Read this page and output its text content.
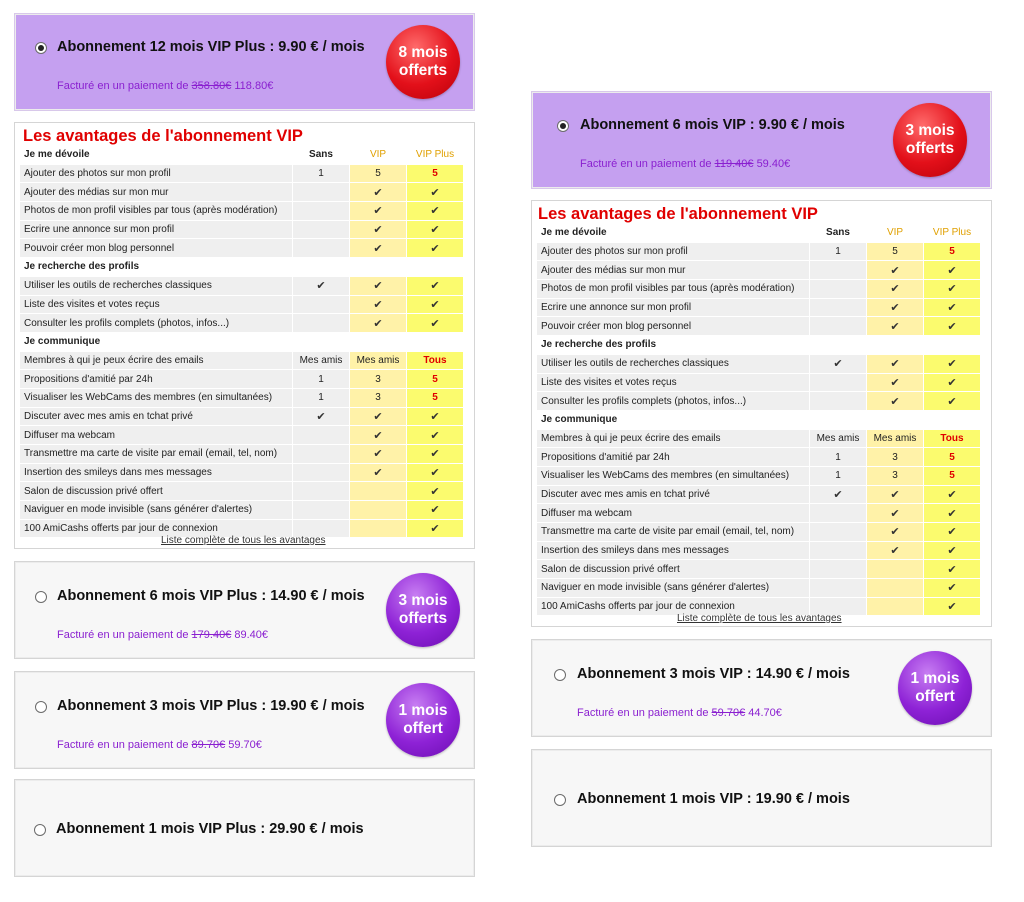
Abonnement 12 mois VIP Plus : 9.90 € / mois
Facturé en un paiement de 358.80€ 118.80€
8 mois
offerts
Les avantages de l'abonnement VIP
Je me dévoile	Sans	VIP	VIP Plus
Ajouter des photos sur mon profil	1	5	5
Ajouter des médias sur mon mur		✔	✔
Photos de mon profil visibles par tous (après modération)		✔	✔
Ecrire une annonce sur mon profil		✔	✔
Pouvoir créer mon blog personnel		✔	✔
Je recherche des profils			
Utiliser les outils de recherches classiques	✔	✔	✔
Liste des visites et votes reçus		✔	✔
Consulter les profils complets (photos, infos...)		✔	✔
Je communique			
Membres à qui je peux écrire des emails	Mes amis	Mes amis	Tous
Propositions d'amitié par 24h	1	3	5
Visualiser les WebCams des membres (en simultanées)	1	3	5
Discuter avec mes amis en tchat privé	✔	✔	✔
Diffuser ma webcam		✔	✔
Transmettre ma carte de visite par email (email, tel, nom)		✔	✔
Insertion des smileys dans mes messages		✔	✔
Salon de discussion privé offert			✔
Naviguer en mode invisible (sans générer d'alertes)			✔
100 AmiCashs offerts par jour de connexion			✔
Liste complète de tous les avantages
Abonnement 6 mois VIP Plus : 14.90 € / mois
Facturé en un paiement de 179.40€ 89.40€
3 mois
offerts
Abonnement 3 mois VIP Plus : 19.90 € / mois
Facturé en un paiement de 89.70€ 59.70€
1 mois
offert
Abonnement 1 mois VIP Plus : 29.90 € / mois
Abonnement 6 mois VIP : 9.90 € / mois
Facturé en un paiement de 119.40€ 59.40€
3 mois
offerts
Les avantages de l'abonnement VIP
Je me dévoile	Sans	VIP	VIP Plus
Ajouter des photos sur mon profil	1	5	5
Ajouter des médias sur mon mur		✔	✔
Photos de mon profil visibles par tous (après modération)		✔	✔
Ecrire une annonce sur mon profil		✔	✔
Pouvoir créer mon blog personnel		✔	✔
Je recherche des profils			
Utiliser les outils de recherches classiques	✔	✔	✔
Liste des visites et votes reçus		✔	✔
Consulter les profils complets (photos, infos...)		✔	✔
Je communique			
Membres à qui je peux écrire des emails	Mes amis	Mes amis	Tous
Propositions d'amitié par 24h	1	3	5
Visualiser les WebCams des membres (en simultanées)	1	3	5
Discuter avec mes amis en tchat privé	✔	✔	✔
Diffuser ma webcam		✔	✔
Transmettre ma carte de visite par email (email, tel, nom)		✔	✔
Insertion des smileys dans mes messages		✔	✔
Salon de discussion privé offert			✔
Naviguer en mode invisible (sans générer d'alertes)			✔
100 AmiCashs offerts par jour de connexion			✔
Liste complète de tous les avantages
Abonnement 3 mois VIP : 14.90 € / mois
Facturé en un paiement de 59.70€ 44.70€
1 mois
offert
Abonnement 1 mois VIP : 19.90 € / mois
